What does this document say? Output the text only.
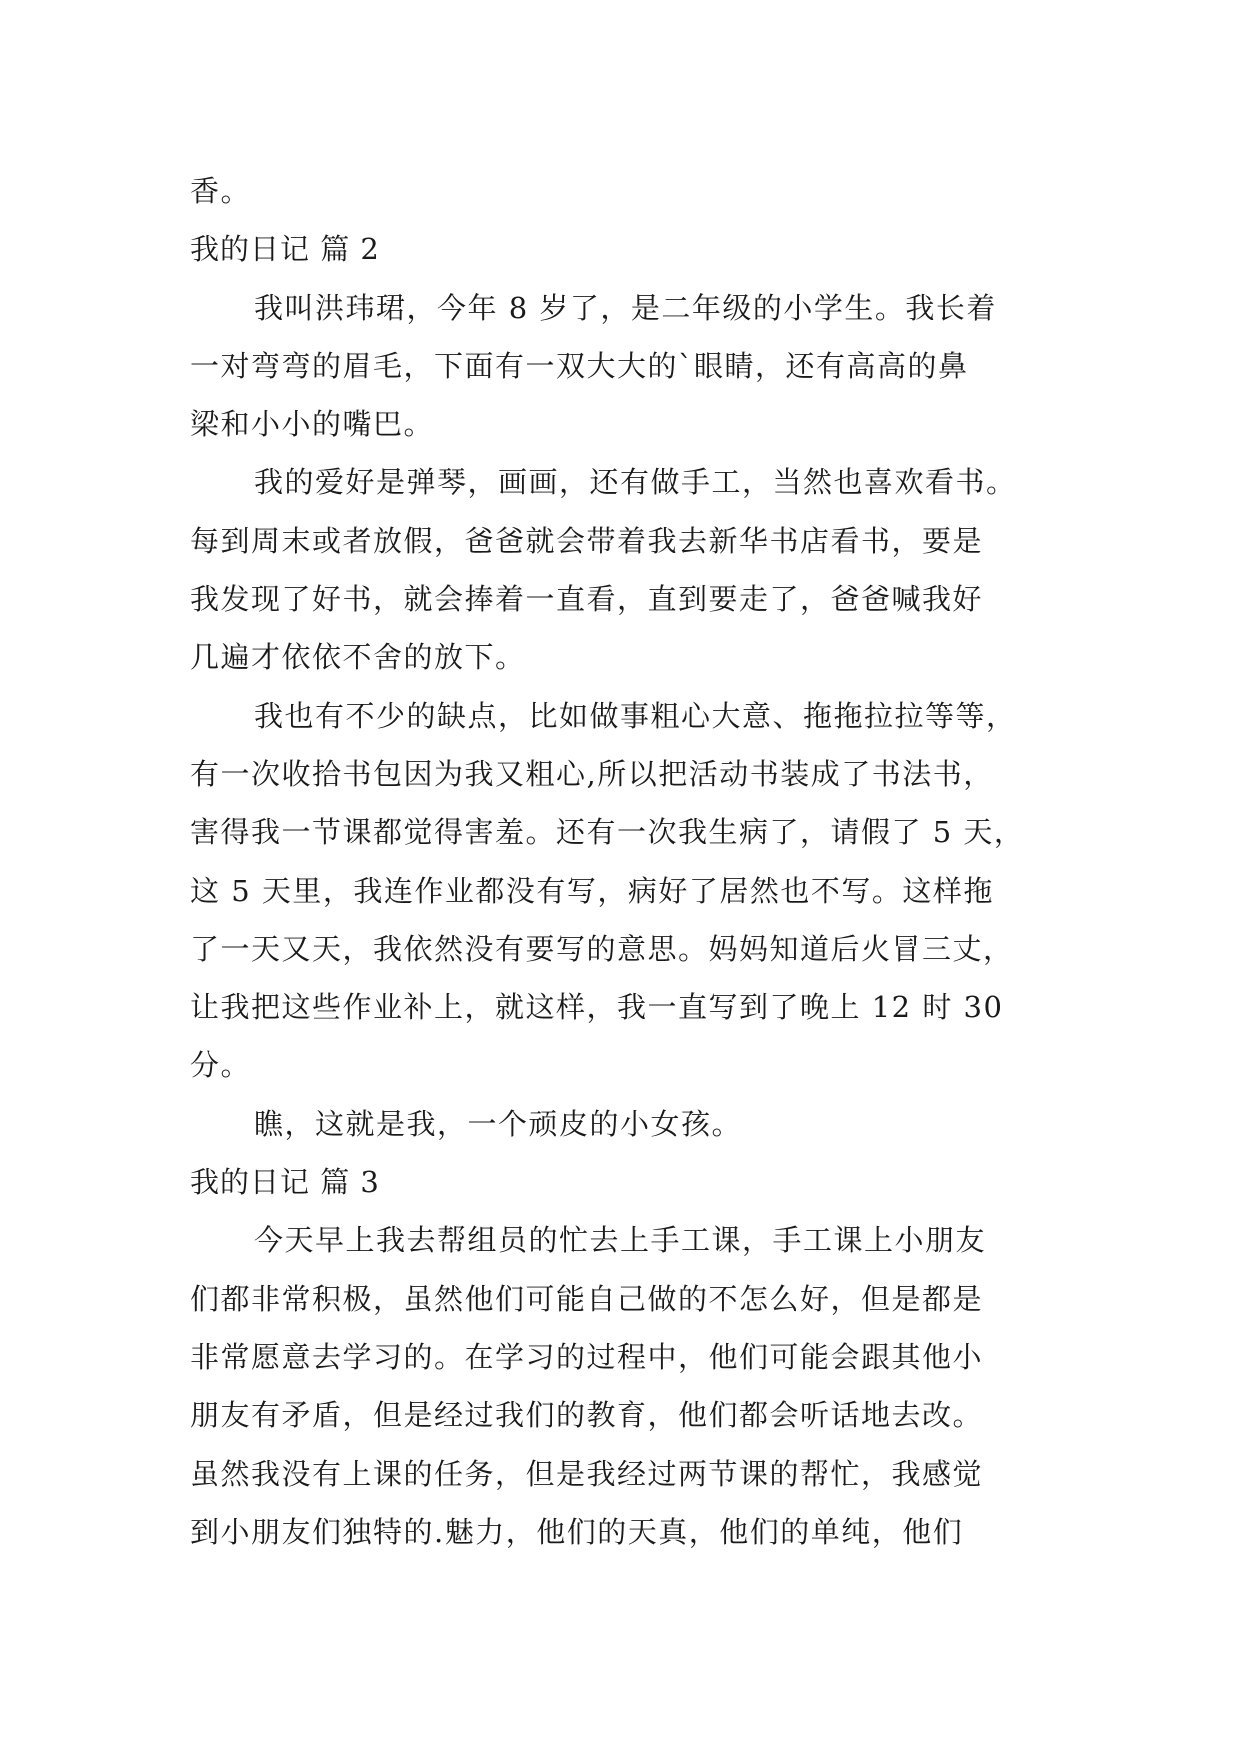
香。
我的日记 篇 2
我叫洪玮珺，今年 8 岁了，是二年级的小学生。我长着
一对弯弯的眉毛，下面有一双大大的`眼睛，还有高高的鼻
梁和小小的嘴巴。
我的爱好是弹琴，画画，还有做手工，当然也喜欢看书。
每到周末或者放假，爸爸就会带着我去新华书店看书，要是
我发现了好书，就会捧着一直看，直到要走了，爸爸喊我好
几遍才依依不舍的放下。
我也有不少的缺点，比如做事粗心大意、拖拖拉拉等等，
有一次收拾书包因为我又粗心,所以把活动书装成了书法书，
害得我一节课都觉得害羞。还有一次我生病了，请假了 5 天，
这 5 天里，我连作业都没有写，病好了居然也不写。这样拖
了一天又天，我依然没有要写的意思。妈妈知道后火冒三丈，
让我把这些作业补上，就这样，我一直写到了晚上 12 时 30
分。
瞧，这就是我，一个顽皮的小女孩。
我的日记 篇 3
今天早上我去帮组员的忙去上手工课，手工课上小朋友
们都非常积极，虽然他们可能自己做的不怎么好，但是都是
非常愿意去学习的。在学习的过程中，他们可能会跟其他小
朋友有矛盾，但是经过我们的教育，他们都会听话地去改。
虽然我没有上课的任务，但是我经过两节课的帮忙，我感觉
到小朋友们独特的.魅力，他们的天真，他们的单纯，他们
